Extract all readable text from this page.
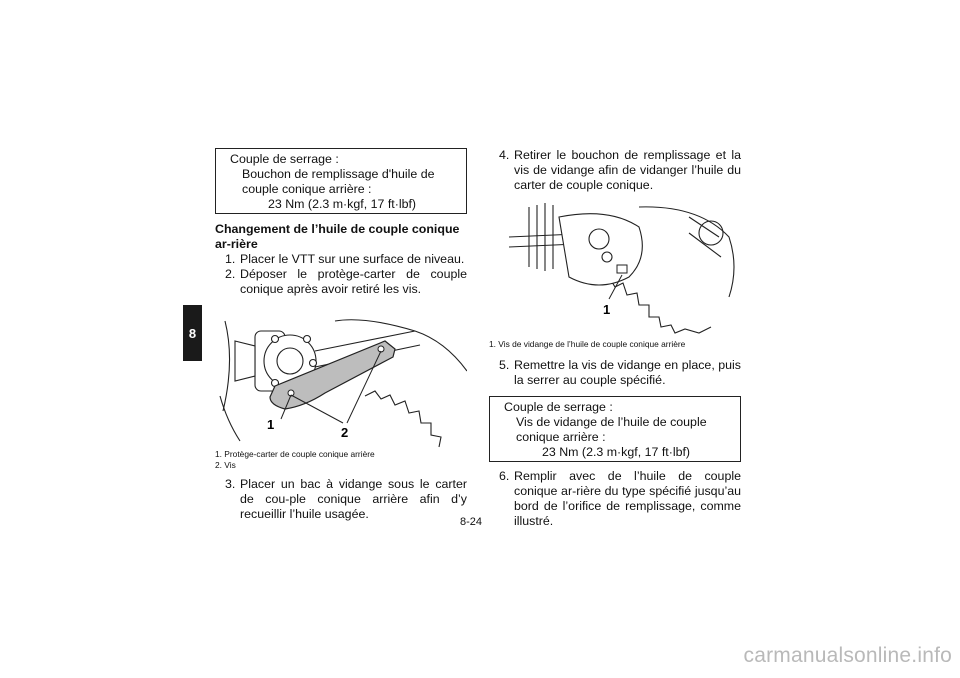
8
Couple de serrage :
Bouchon de remplissage d'huile de couple conique arrière :
23 Nm (2.3 m·kgf, 17 ft·lbf)
Changement de l’huile de couple conique ar-rière
1. Placer le VTT sur une surface de niveau.
2. Déposer le protège-carter de couple conique après avoir retiré les vis.
1
2
1. Protège-carter de couple conique arrière
2. Vis
3. Placer un bac à vidange sous le carter de cou-ple conique arrière afin d’y recueillir l’huile usagée.
4. Retirer le bouchon de remplissage et la vis de vidange afin de vidanger l’huile du carter de couple conique.
1
1. Vis de vidange de l’huile de couple conique arrière
5. Remettre la vis de vidange en place, puis la serrer au couple spécifié.
Couple de serrage :
Vis de vidange de l’huile de couple conique arrière :
23 Nm (2.3 m·kgf, 17 ft·lbf)
6. Remplir avec de l’huile de couple conique ar-rière du type spécifié jusqu’au bord de l’orifice de remplissage, comme illustré.
8-24
carmanualsonline.info
